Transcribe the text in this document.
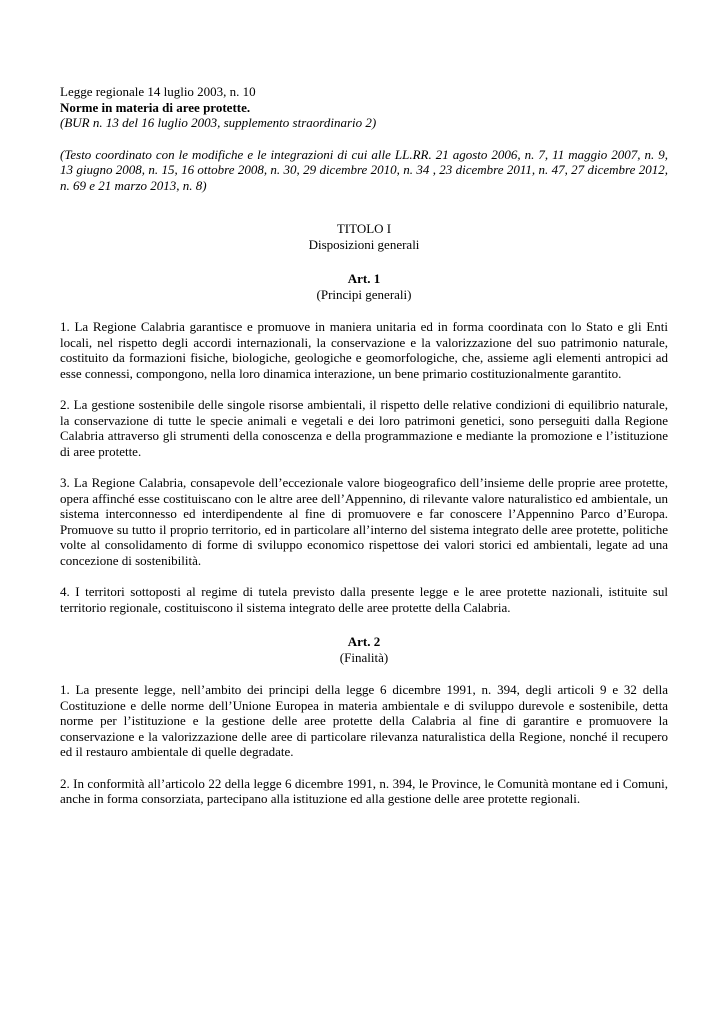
Legge regionale 14 luglio 2003, n. 10
Norme in materia di aree protette.
(BUR n. 13 del 16 luglio 2003, supplemento straordinario 2)

(Testo coordinato con le modifiche e le integrazioni di cui alle LL.RR. 21 agosto 2006, n. 7, 11 maggio 2007, n. 9, 13 giugno 2008, n. 15, 16 ottobre 2008, n. 30, 29 dicembre 2010, n. 34 , 23 dicembre 2011, n. 47, 27 dicembre 2012, n. 69 e 21 marzo 2013, n. 8)

TITOLO I
Disposizioni generali
Art. 1
(Principi generali)

1. La Regione Calabria garantisce e promuove in maniera unitaria ed in forma coordinata con lo Stato e gli Enti locali, nel rispetto degli accordi internazionali, la conservazione e la valorizzazione del suo patrimonio naturale, costituito da formazioni fisiche, biologiche, geologiche e geomorfologiche, che, assieme agli elementi antropici ad esse connessi, compongono, nella loro dinamica interazione, un bene primario costituzionalmente garantito.

2. La gestione sostenibile delle singole risorse ambientali, il rispetto delle relative condizioni di equilibrio naturale, la conservazione di tutte le specie animali e vegetali e dei loro patrimoni genetici, sono perseguiti dalla Regione Calabria attraverso gli strumenti della conoscenza e della programmazione e mediante la promozione e l’istituzione di aree protette.

3. La Regione Calabria, consapevole dell’eccezionale valore biogeografico dell’insieme delle proprie aree protette, opera affinché esse costituiscano con le altre aree dell’Appennino, di rilevante valore naturalistico ed ambientale, un sistema interconnesso ed interdipendente al fine di promuovere e far conoscere l’Appennino Parco d’Europa. Promuove su tutto il proprio territorio, ed in particolare all’interno del sistema integrato delle aree protette, politiche volte al consolidamento di forme di sviluppo economico rispettose dei valori storici ed ambientali, legate ad una concezione di sostenibilità.

4. I territori sottoposti al regime di tutela previsto dalla presente legge e le aree protette nazionali, istituite sul territorio regionale, costituiscono il sistema integrato delle aree protette della Calabria.

Art. 2
(Finalità)

1. La presente legge, nell’ambito dei principi della legge 6 dicembre 1991, n. 394, degli articoli 9 e 32 della Costituzione e delle norme dell’Unione Europea in materia ambientale e di sviluppo durevole e sostenibile, detta norme per l’istituzione e la gestione delle aree protette della Calabria al fine di garantire e promuovere la conservazione e la valorizzazione delle aree di particolare rilevanza naturalistica della Regione, nonché il recupero ed il restauro ambientale di quelle degradate.

2. In conformità all’articolo 22 della legge 6 dicembre 1991, n. 394, le Province, le Comunità montane ed i Comuni, anche in forma consorziata, partecipano alla istituzione ed alla gestione delle aree protette regionali.
